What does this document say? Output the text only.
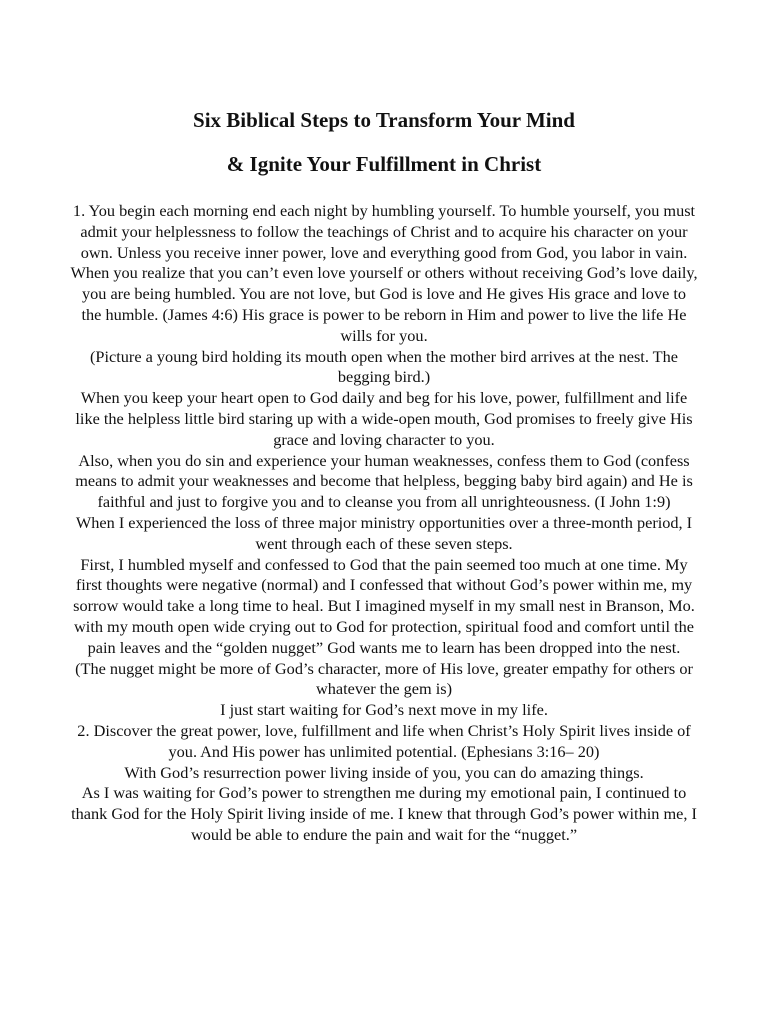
Six Biblical Steps to Transform Your Mind

& Ignite Your Fulfillment in Christ

1. You begin each morning end each night by humbling yourself. To humble yourself, you must admit your helplessness to follow the teachings of Christ and to acquire his character on your own. Unless you receive inner power, love and everything good from God, you labor in vain. When you realize that you can’t even love yourself or others without receiving God’s love daily, you are being humbled. You are not love, but God is love and He gives His grace and love to the humble. (James 4:6) His grace is power to be reborn in Him and power to live the life He wills for you.

(Picture a young bird holding its mouth open when the mother bird arrives at the nest. The begging bird.)

When you keep your heart open to God daily and beg for his love, power, fulfillment and life like the helpless little bird staring up with a wide-open mouth, God promises to freely give His grace and loving character to you.

Also, when you do sin and experience your human weaknesses, confess them to God (confess means to admit your weaknesses and become that helpless, begging baby bird again) and He is faithful and just to forgive you and to cleanse you from all unrighteousness. (I John 1:9)

When I experienced the loss of three major ministry opportunities over a three-month period, I went through each of these seven steps.

First, I humbled myself and confessed to God that the pain seemed too much at one time. My first thoughts were negative (normal) and I confessed that without God’s power within me, my sorrow would take a long time to heal. But I imagined myself in my small nest in Branson, Mo. with my mouth open wide crying out to God for protection, spiritual food and comfort until the pain leaves and the “golden nugget” God wants me to learn has been dropped into the nest.

(The nugget might be more of God’s character, more of His love, greater empathy for others or whatever the gem is)

I just start waiting for God’s next move in my life.

2. Discover the great power, love, fulfillment and life when Christ’s Holy Spirit lives inside of you. And His power has unlimited potential. (Ephesians 3:16– 20)

With God’s resurrection power living inside of you, you can do amazing things.

As I was waiting for God’s power to strengthen me during my emotional pain, I continued to thank God for the Holy Spirit living inside of me. I knew that through God’s power within me, I would be able to endure the pain and wait for the “nugget.”
